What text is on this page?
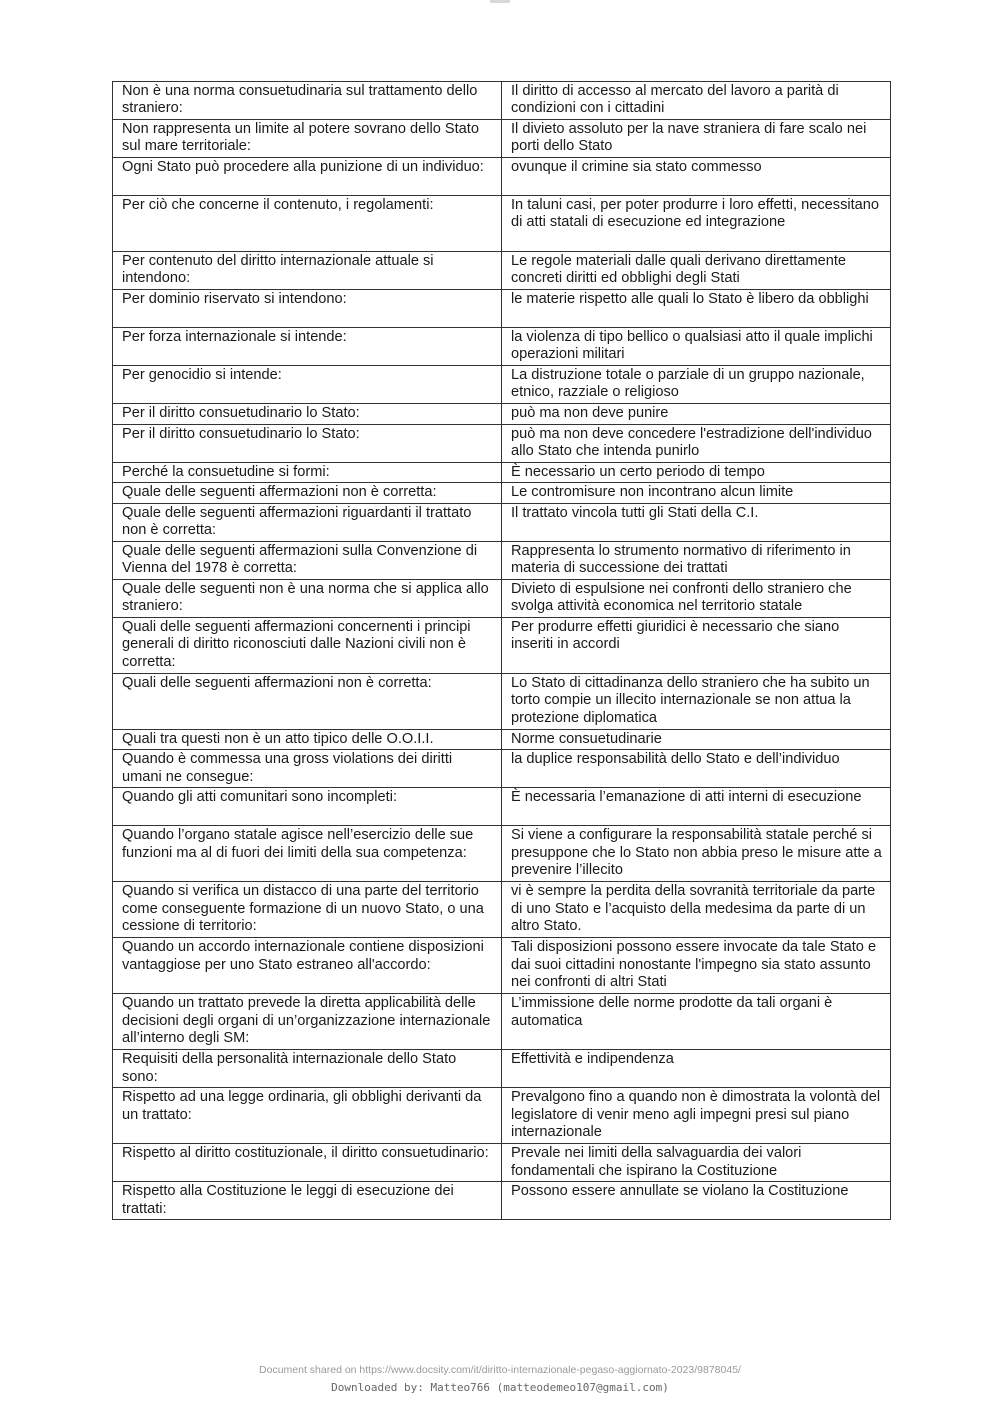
Non è una norma consuetudinaria sul trattamento dello straniero:	Il diritto di accesso al mercato del lavoro a parità di condizioni con i cittadini
Non rappresenta un limite al potere sovrano dello Stato sul mare territoriale:	Il divieto assoluto per la nave straniera di fare scalo nei porti dello Stato
Ogni Stato può procedere alla punizione di un individuo:	ovunque il crimine sia stato commesso
Per ciò che concerne il contenuto, i regolamenti:	In taluni casi, per poter produrre i loro effetti, necessitano di atti statali di esecuzione ed integrazione
Per contenuto del diritto internazionale attuale si intendono:	Le regole materiali dalle quali derivano direttamente concreti diritti ed obblighi degli Stati
Per dominio riservato si intendono:	le materie rispetto alle quali lo Stato è libero da obblighi
Per forza internazionale si intende:	la violenza di tipo bellico o qualsiasi atto il quale implichi operazioni militari
Per genocidio si intende:	La distruzione totale o parziale di un gruppo nazionale, etnico, razziale o religioso
Per il diritto consuetudinario lo Stato:	può ma non deve punire
Per il diritto consuetudinario lo Stato:	può ma non deve concedere l'estradizione dell'individuo allo Stato che intenda punirlo
Perché la consuetudine si formi:	È necessario un certo periodo di tempo
Quale delle seguenti affermazioni non è corretta:	Le contromisure non incontrano alcun limite
Quale delle seguenti affermazioni riguardanti il trattato non è corretta:	Il trattato vincola tutti gli Stati della C.I.
Quale delle seguenti affermazioni sulla Convenzione di Vienna del 1978 è corretta:	Rappresenta lo strumento normativo di riferimento in materia di successione dei trattati
Quale delle seguenti non è una norma che si applica allo straniero:	Divieto di espulsione nei confronti dello straniero che svolga attività economica nel territorio statale
Quali delle seguenti affermazioni concernenti i principi generali di diritto riconosciuti dalle Nazioni civili non è corretta:	Per produrre effetti giuridici è necessario che siano inseriti in accordi
Quali delle seguenti affermazioni non è corretta:	Lo Stato di cittadinanza dello straniero che ha subito un torto compie un illecito internazionale se non attua la protezione diplomatica
Quali tra questi non è un atto tipico delle O.O.I.I.	Norme consuetudinarie
Quando è commessa una gross violations dei diritti umani ne consegue:	la duplice responsabilità dello Stato e dell’individuo
Quando gli atti comunitari sono incompleti:	È necessaria l’emanazione di atti interni di esecuzione
Quando l’organo statale agisce nell’esercizio delle sue funzioni ma al di fuori dei limiti della sua competenza:	Si viene a configurare la responsabilità statale perché si presuppone che lo Stato non abbia preso le misure atte a prevenire l’illecito
Quando si verifica un distacco di una parte del territorio come conseguente formazione di un nuovo Stato, o una cessione di territorio:	vi è sempre la perdita della sovranità territoriale da parte di uno Stato e l’acquisto della medesima da parte di un altro Stato.
Quando un accordo internazionale contiene disposizioni vantaggiose per uno Stato estraneo all'accordo:	Tali disposizioni possono essere invocate da tale Stato e dai suoi cittadini nonostante l'impegno sia stato assunto nei confronti di altri Stati
Quando un trattato prevede la diretta applicabilità delle decisioni degli organi di un’organizzazione internazionale all’interno degli SM:	L’immissione delle norme prodotte da tali organi è automatica
Requisiti della personalità internazionale dello Stato sono:	Effettività e indipendenza
Rispetto ad una legge ordinaria, gli obblighi derivanti da un trattato:	Prevalgono fino a quando non è dimostrata la volontà del legislatore di venir meno agli impegni presi sul piano internazionale
Rispetto al diritto costituzionale, il diritto consuetudinario:	Prevale nei limiti della salvaguardia dei valori fondamentali che ispirano la Costituzione
Rispetto alla Costituzione le leggi di esecuzione dei trattati:	Possono essere annullate se violano la Costituzione
Document shared on https://www.docsity.com/it/diritto-internazionale-pegaso-aggiornato-2023/9878045/
Downloaded by: Matteo766 (matteodemeo107@gmail.com)
